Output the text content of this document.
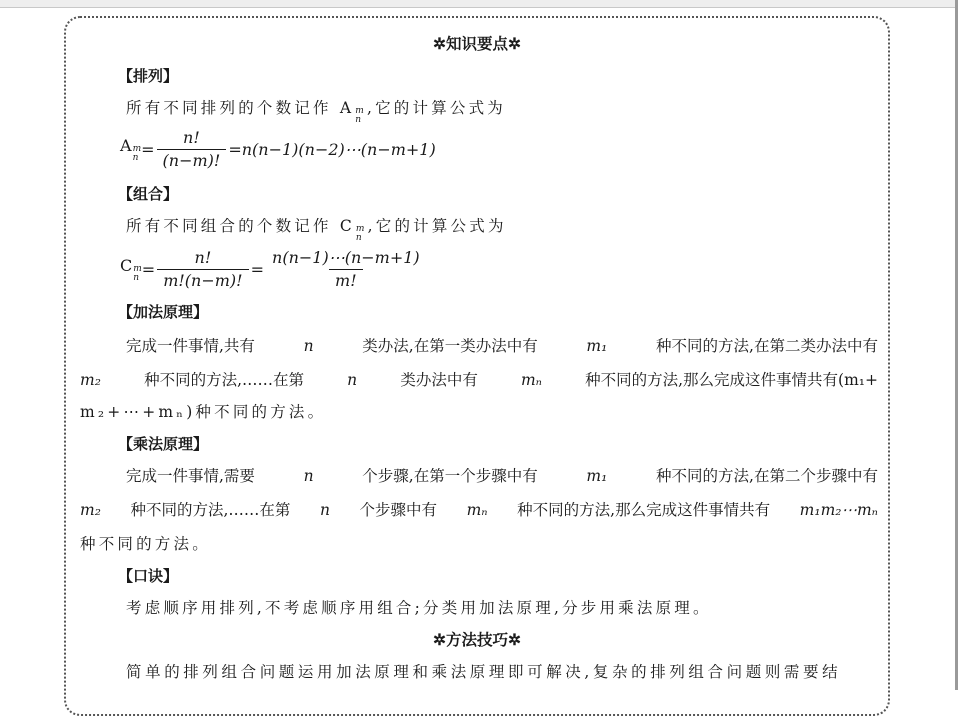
✲知识要点✲
【排列】
所有不同排列的个数记作 A m
n
,它的计算公式为
A m
$n = \frac{n!}{(n-m)!}$ = n(n−1)(n−2)⋯(n−m+1)
【组合】
所有不同组合的个数记作 C m
n
,它的计算公式为
C m
$n = \frac{n!}{m!(n-m)!} = \frac{n(n-1)\cdots(n-m+1)}{m!}$
【加法原理】
完成一件事情,共有	n	类办法,在第一类办法中有	m₁	种不同的方法,在第二类办法中有
m₂	种不同的方法,……在第	n	类办法中有	mₙ	种不同的方法,那么完成这件事情共有(m₁+
m₂+⋯+mₙ)种不同的方法。
【乘法原理】
完成一件事情,需要	n	个步骤,在第一个步骤中有	m₁	种不同的方法,在第二个步骤中有
m₂ 种不同的方法,……在第 n 个步骤中有 mₙ 种不同的方法,那么完成这件事情共有 m₁m₂⋯mₙ
种不同的方法。
【口诀】
考虑顺序用排列,不考虑顺序用组合;分类用加法原理,分步用乘法原理。
✲方法技巧✲
简单的排列组合问题运用加法原理和乘法原理即可解决,复杂的排列组合问题则需要结
